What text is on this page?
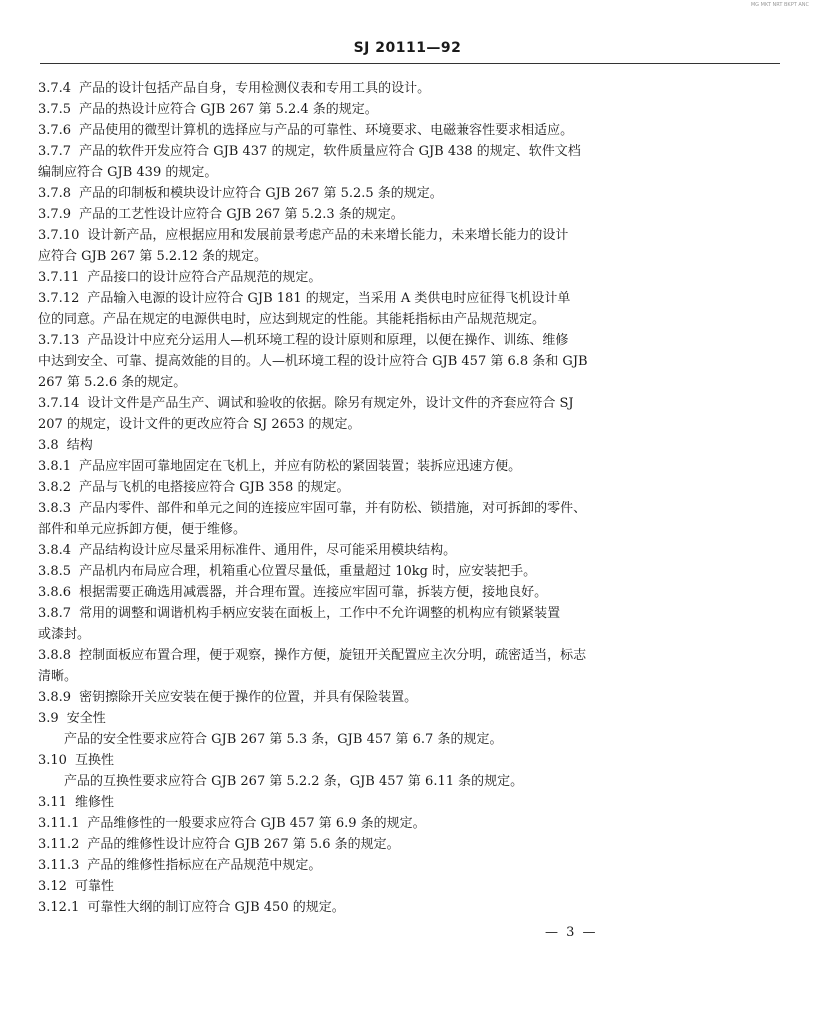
MG MKT NRT BKPT ANC
SJ 20111—92
3.7.4 产品的设计包括产品自身，专用检测仪表和专用工具的设计。
3.7.5 产品的热设计应符合 GJB 267 第 5.2.4 条的规定。
3.7.6 产品使用的微型计算机的选择应与产品的可靠性、环境要求、电磁兼容性要求相适应。
3.7.7 产品的软件开发应符合 GJB 437 的规定，软件质量应符合 GJB 438 的规定、软件文档
编制应符合 GJB 439 的规定。
3.7.8 产品的印制板和模块设计应符合 GJB 267 第 5.2.5 条的规定。
3.7.9 产品的工艺性设计应符合 GJB 267 第 5.2.3 条的规定。
3.7.10 设计新产品，应根据应用和发展前景考虑产品的未来增长能力，未来增长能力的设计
应符合 GJB 267 第 5.2.12 条的规定。
3.7.11 产品接口的设计应符合产品规范的规定。
3.7.12 产品输入电源的设计应符合 GJB 181 的规定，当采用 A 类供电时应征得飞机设计单
位的同意。产品在规定的电源供电时，应达到规定的性能。其能耗指标由产品规范规定。
3.7.13 产品设计中应充分运用人—机环境工程的设计原则和原理，以便在操作、训练、维修
中达到安全、可靠、提高效能的目的。人—机环境工程的设计应符合 GJB 457 第 6.8 条和 GJB
267 第 5.2.6 条的规定。
3.7.14 设计文件是产品生产、调试和验收的依据。除另有规定外，设计文件的齐套应符合 SJ
207 的规定，设计文件的更改应符合 SJ 2653 的规定。
3.8 结构
3.8.1 产品应牢固可靠地固定在飞机上，并应有防松的紧固装置；装拆应迅速方便。
3.8.2 产品与飞机的电搭接应符合 GJB 358 的规定。
3.8.3 产品内零件、部件和单元之间的连接应牢固可靠，并有防松、锁措施，对可拆卸的零件、
部件和单元应拆卸方便，便于维修。
3.8.4 产品结构设计应尽量采用标准件、通用件，尽可能采用模块结构。
3.8.5 产品机内布局应合理，机箱重心位置尽量低，重量超过 10kg 时，应安装把手。
3.8.6 根据需要正确选用减震器，并合理布置。连接应牢固可靠，拆装方便，接地良好。
3.8.7 常用的调整和调谐机构手柄应安装在面板上，工作中不允许调整的机构应有锁紧装置
或漆封。
3.8.8 控制面板应布置合理，便于观察，操作方便，旋钮开关配置应主次分明，疏密适当，标志
清晰。
3.8.9 密钥擦除开关应安装在便于操作的位置，并具有保险装置。
3.9 安全性
产品的安全性要求应符合 GJB 267 第 5.3 条，GJB 457 第 6.7 条的规定。
3.10 互换性
产品的互换性要求应符合 GJB 267 第 5.2.2 条，GJB 457 第 6.11 条的规定。
3.11 维修性
3.11.1 产品维修性的一般要求应符合 GJB 457 第 6.9 条的规定。
3.11.2 产品的维修性设计应符合 GJB 267 第 5.6 条的规定。
3.11.3 产品的维修性指标应在产品规范中规定。
3.12 可靠性
3.12.1 可靠性大纲的制订应符合 GJB 450 的规定。
— 3 —
